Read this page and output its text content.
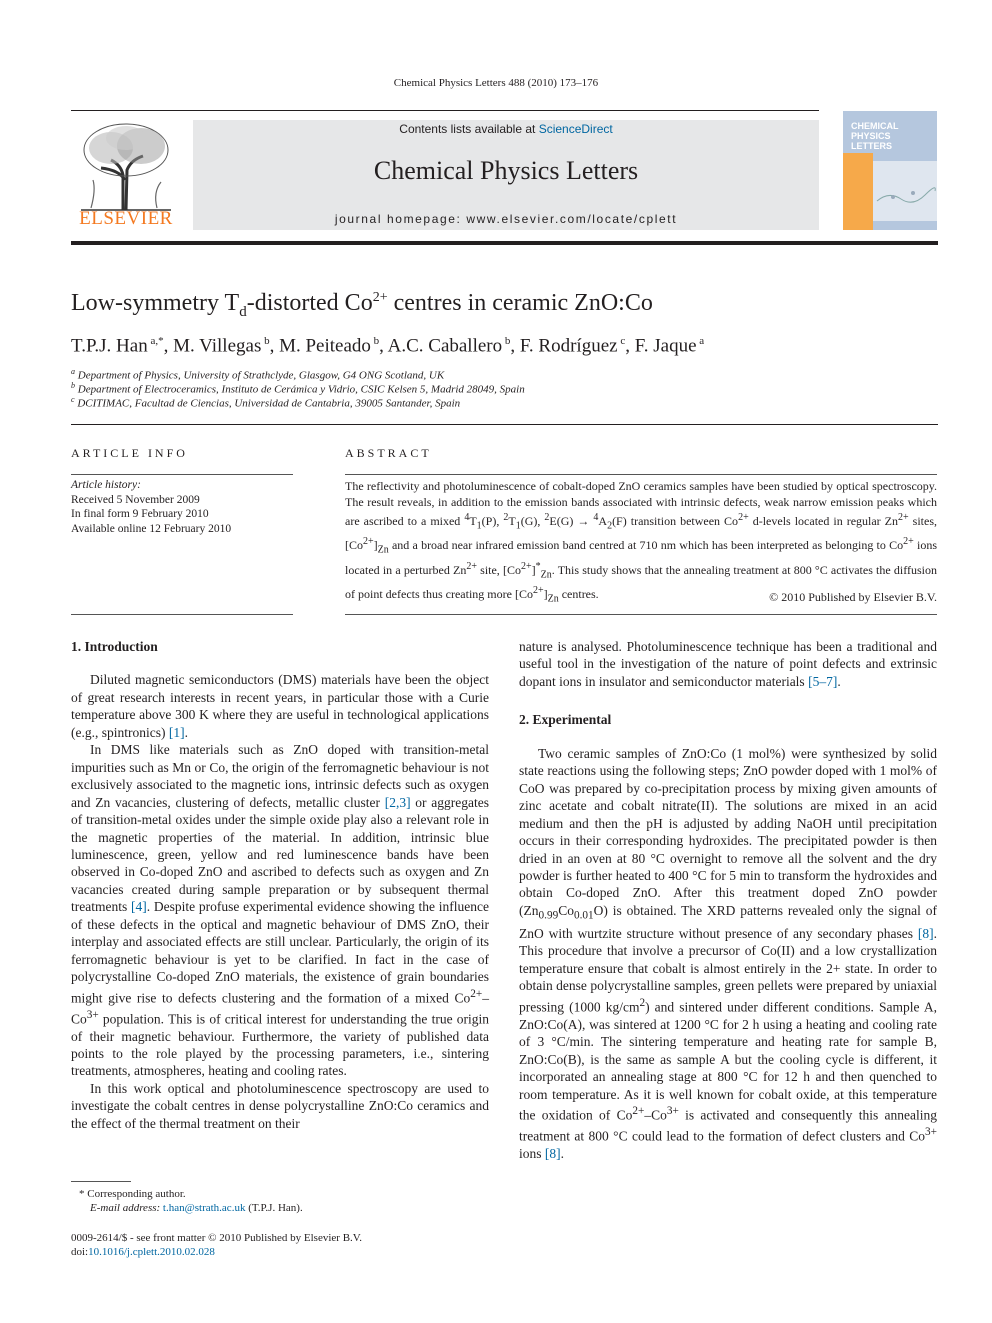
Chemical Physics Letters 488 (2010) 173–176
ELSEVIER
Contents lists available at ScienceDirect
Chemical Physics Letters
journal homepage: www.elsevier.com/locate/cplett
CHEMICAL
PHYSICS
LETTERS
Low-symmetry $T_d$-distorted $Co^{2+}$ centres in ceramic ZnO:Co
T.P.J. Han $^{a,*}$, M. Villegas $^b$, M. Peiteado $^b$, A.C. Caballero $^b$, F. Rodríguez $^c$, F. Jaque $^a$
$^a$ Department of Physics, University of Strathclyde, Glasgow, G4 ONG Scotland, UK
$^b$ Department of Electroceramics, Instituto de Cerámica y Vidrio, CSIC Kelsen 5, Madrid 28049, Spain
$^c$ DCITIMAC, Facultad de Ciencias, Universidad de Cantabria, 39005 Santander, Spain
ARTICLE INFO
Article history:
Received 5 November 2009
In final form 9 February 2010
Available online 12 February 2010
ABSTRACT
The reflectivity and photoluminescence of cobalt-doped ZnO ceramics samples have been studied by optical spectroscopy. The result reveals, in addition to the emission bands associated with intrinsic defects, weak narrow emission peaks which are ascribed to a mixed $^4T_1(P)$, $^2T_1(G)$, $^2E(G) \to ^4A_2(F)$ transition between $Co^{2+}$ d-levels located in regular $Zn^{2+}$ sites, $[Co^{2+}]_{Zn}$ and a broad near infrared emission band centred at 710 nm which has been interpreted as belonging to $Co^{2+}$ ions located in a perturbed $Zn^{2+}$ site, $[Co^{2+}]^*_{Zn}$. This study shows that the annealing treatment at 800 °C activates the diffusion of point defects thus creating more $[Co^{2+}]_{Zn}$ centres.	© 2010 Published by Elsevier B.V.
1. Introduction

Diluted magnetic semiconductors (DMS) materials have been the object of great research interests in recent years, in particular those with a Curie temperature above 300 K where they are useful in technological applications (e.g., spintronics) [1].

In DMS like materials such as ZnO doped with transition-metal impurities such as Mn or Co, the origin of the ferromagnetic behaviour is not exclusively associated to the magnetic ions, intrinsic defects such as oxygen and Zn vacancies, clustering of defects, metallic cluster [2,3] or aggregates of transition-metal oxides under the simple oxide play also a relevant role in the magnetic properties of the material. In addition, intrinsic blue luminescence, green, yellow and red luminescence bands have been observed in Co-doped ZnO and ascribed to defects such as oxygen and Zn vacancies created during sample preparation or by subsequent thermal treatments [4]. Despite profuse experimental evidence showing the influence of these defects in the optical and magnetic behaviour of DMS ZnO, their interplay and associated effects are still unclear. Particularly, the origin of its ferromagnetic behaviour is yet to be clarified. In fact in the case of polycrystalline Co-doped ZnO materials, the existence of grain boundaries might give rise to defects clustering and the formation of a mixed $Co^{2+}-Co^{3+}$ population. This is of critical interest for understanding the true origin of their magnetic behaviour. Furthermore, the variety of published data points to the role played by the processing parameters, i.e., sintering treatments, atmospheres, heating and cooling rates.

In this work optical and photoluminescence spectroscopy are used to investigate the cobalt centres in dense polycrystalline ZnO:Co ceramics and the effect of the thermal treatment on their

* Corresponding author.
E-mail address: t.han@strath.ac.uk (T.P.J. Han).
0009-2614/$ - see front matter © 2010 Published by Elsevier B.V.
doi:10.1016/j.cplett.2010.02.028

nature is analysed. Photoluminescence technique has been a traditional and useful tool in the investigation of the nature of point defects and extrinsic dopant ions in insulator and semiconductor materials [5–7].

2. Experimental

Two ceramic samples of ZnO:Co (1 mol%) were synthesized by solid state reactions using the following steps; ZnO powder doped with 1 mol% of CoO was prepared by co-precipitation process by mixing given amounts of zinc acetate and cobalt nitrate(II). The solutions are mixed in an acid medium and then the pH is adjusted by adding NaOH until precipitation occurs in their corresponding hydroxides. The precipitated powder is then dried in an oven at 80 °C overnight to remove all the solvent and the dry powder is further heated to 400 °C for 5 min to transform the hydroxides and obtain Co-doped ZnO. After this treatment doped ZnO powder $(Zn_{0.99}Co_{0.01}O)$ is obtained. The XRD patterns revealed only the signal of ZnO with wurtzite structure without presence of any secondary phases [8]. This procedure that involve a precursor of Co(II) and a low crystallization temperature ensure that cobalt is almost entirely in the 2+ state. In order to obtain dense polycrystalline samples, green pellets were prepared by uniaxial pressing (1000 $kg/cm^2$) and sintered under different conditions. Sample A, ZnO:Co(A), was sintered at 1200 °C for 2 h using a heating and cooling rate of 3 °C/min. The sintering temperature and heating rate for sample B, ZnO:Co(B), is the same as sample A but the cooling cycle is different, it incorporated an annealing stage at 800 °C for 12 h and then quenched to room temperature. As it is well known for cobalt oxide, at this temperature the oxidation of $Co^{2+}-Co^{3+}$ is activated and consequently this annealing treatment at 800 °C could lead to the formation of defect clusters and $Co^{3+}$ ions [8].
